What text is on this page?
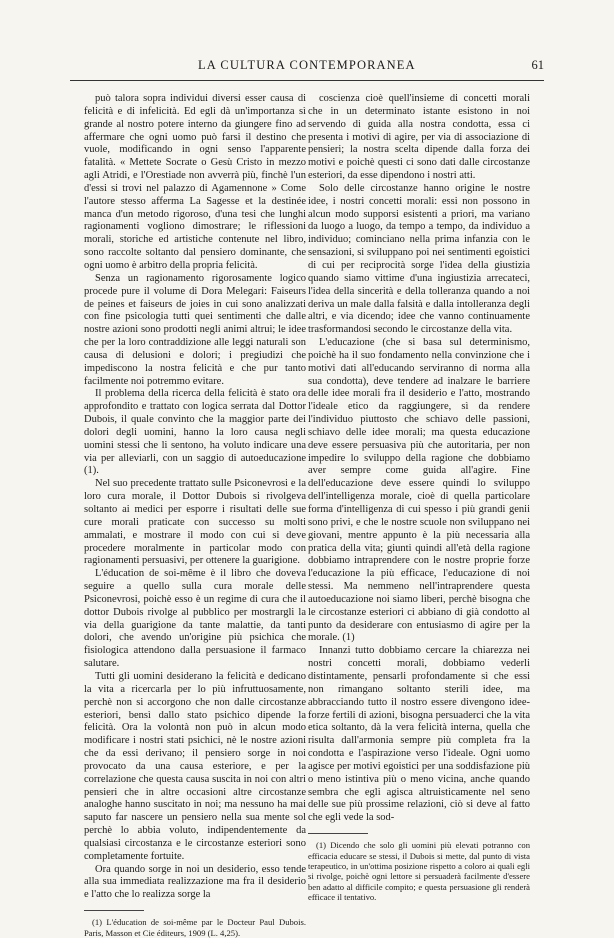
LA CULTURA CONTEMPORANEA	61

può talora sopra individui diversi esser causa di felicità e di infelicità. Ed egli dà un'importanza sì grande al nostro potere interno da giungere fino ad affermare che ogni uomo può farsi il destino che vuole, modificando in ogni senso l'apparente fatalità. « Mettete Socrate o Gesù Cristo in mezzo agli Atridi, e l'Orestiade non avverrà più, finchè l'un d'essi si trovi nel palazzo di Agamennone » Come l'autore stesso afferma La Sagesse et la destinée manca d'un metodo rigoroso, d'una tesi che lunghi ragionamenti vogliono dimostrare; le riflessioni morali, storiche ed artistiche contenute nel libro, sono raccolte soltanto dal pensiero dominante, che ogni uomo è arbitro della propria felicità.

Senza un ragionamento rigorosamente logico procede pure il volume di Dora Melegari: Faiseurs de peines et faiseurs de joies in cui sono analizzati con fine psicologia tutti quei sentimenti che dalle nostre azioni sono prodotti negli animi altrui; le idee che per la loro contraddizione alle leggi naturali son causa di delusioni e dolori; i pregiudizi che impediscono la nostra felicità e che pur tanto facilmente noi potremmo evitare.

Il problema della ricerca della felicità è stato ora approfondito e trattato con logica serrata dal Dottor Dubois, il quale convinto che la maggior parte dei dolori degli uomini, hanno la loro causa negli uomini stessi che li sentono, ha voluto indicare una via per alleviarli, con un saggio di autoeducazione (1).

Nel suo precedente trattato sulle Psiconevrosi e la loro cura morale, il Dottor Dubois si rivolgeva soltanto ai medici per esporre i risultati delle sue cure morali praticate con successo su molti ammalati, e mostrare il modo con cui si deve procedere moralmente in particolar modo con ragionamenti persuasivi, per ottenere la guarigione.

L'éducation de soi-même è il libro che doveva seguire a quello sulla cura morale delle Psiconevrosi, poichè esso è un regime di cura che il dottor Dubois rivolge al pubblico per mostrargli la via della guarigione da tante malattie, da tanti dolori, che avendo un'origine più psichica che fisiologica attendono dalla persuasione il farmaco salutare.

Tutti gli uomini desiderano la felicità e dedicano la vita a ricercarla per lo più infruttuosamente, perchè non si accorgono che non dalle circostanze esteriori, bensì dallo stato psichico dipende la felicità. Ora la volontà non può in alcun modo modificare i nostri stati psichici, nè le nostre azioni che da essi derivano; il pensiero sorge in noi provocato da una causa esteriore, e per la correlazione che questa causa suscita in noi con altri pensieri che in altre occasioni altre circostanze analoghe hanno suscitato in noi; ma nessuno ha mai saputo far nascere un pensiero nella sua mente sol perchè lo abbia voluto, indipendentemente da qualsiasi circostanza e le circostanze esteriori sono completamente fortuite.

Ora quando sorge in noi un desiderio, esso tende alla sua immediata realizzazione ma fra il desiderio e l'atto che lo realizza sorge la

(1) L'éducation de soi-même par le Docteur Paul Dubois. Paris, Masson et Cie éditeurs, 1909 (L. 4,25).

coscienza cioè quell'insieme di concetti morali che in un determinato istante esistono in noi servendo di guida alla nostra condotta, essa ci presenta i motivi di agire, per via di associazione di pensieri; la nostra scelta dipende dalla forza dei motivi e poichè questi ci sono dati dalle circostanze esteriori, da esse dipendono i nostri atti.

Solo delle circostanze hanno origine le nostre idee, i nostri concetti morali: essi non possono in alcun modo supporsi esistenti a priori, ma variano da luogo a luogo, da tempo a tempo, da individuo a individuo; cominciano nella prima infanzia con le sensazioni, si sviluppano poi nei sentimenti egoistici di cui per reciprocità sorge l'idea della giustizia quando siamo vittime d'una ingiustizia arrecateci, l'idea della sincerità e della tolleranza quando a noi deriva un male dalla falsità e dalla intolleranza degli altri, e via dicendo; idee che vanno continuamente trasformandosi secondo le circostanze della vita.

L'educazione (che si basa sul determinismo, poichè ha il suo fondamento nella convinzione che i motivi dati all'educando serviranno di norma alla sua condotta), deve tendere ad inalzare le barriere delle idee morali fra il desiderio e l'atto, mostrando l'ideale etico da raggiungere, sì da rendere l'individuo piuttosto che schiavo delle passioni, schiavo delle idee morali; ma questa educazione deve essere persuasiva più che autoritaria, per non impedire lo sviluppo della ragione che dobbiamo aver sempre come guida all'agire. Fine dell'educazione deve essere quindi lo sviluppo dell'intelligenza morale, cioè di quella particolare forma d'intelligenza di cui spesso i più grandi genii sono privi, e che le nostre scuole non sviluppano nei giovani, mentre appunto è la più necessaria alla pratica della vita; giunti quindi all'età della ragione dobbiamo intraprendere con le nostre proprie forze l'educazione la più efficace, l'educazione di noi stessi. Ma nemmeno nell'intraprendere questa autoeducazione noi siamo liberi, perchè bisogna che le circostanze esteriori ci abbiano di già condotto al punto da desiderare con entusiasmo di agire per la morale. (1)

Innanzi tutto dobbiamo cercare la chiarezza nei nostri concetti morali, dobbiamo vederli distintamente, pensarli profondamente sì che essi non rimangano soltanto sterili idee, ma abbracciando tutto il nostro essere divengono idee-forze fertili di azioni, bisogna persuaderci che la vita etica soltanto, dà la vera felicità interna, quella che risulta dall'armonia sempre più completa fra la condotta e l'aspirazione verso l'ideale. Ogni uomo agisce per motivi egoistici per una soddisfazione più o meno istintiva più o meno vicina, anche quando sembra che egli agisca altruisticamente nel seno delle sue più prossime relazioni, ciò si deve al fatto che egli vede la sod-

(1) Dicendo che solo gli uomini più elevati potranno con efficacia educare se stessi, il Dubois si mette, dal punto di vista terapeutico, in un'ottima posizione rispetto a coloro ai quali egli si rivolge, poichè ogni lettore si persuaderà facilmente d'essere ben adatto al difficile compito; e questa persuasione gli renderà efficace il tentativo.
